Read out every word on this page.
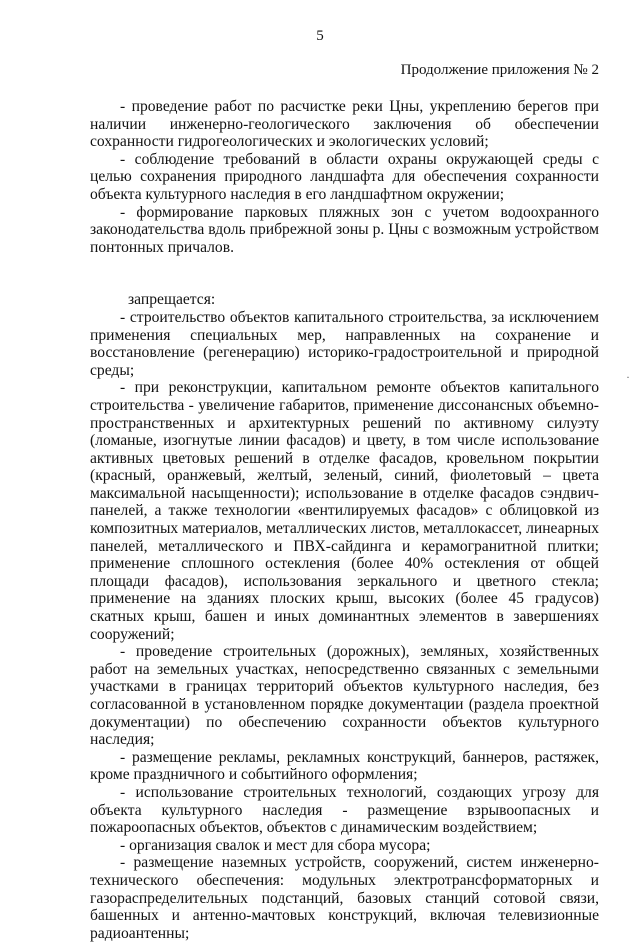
5
Продолжение приложения № 2

- проведение работ по расчистке реки Цны, укреплению берегов при наличии инженерно-геологического заключения об обеспечении сохранности гидрогеологических и экологических условий;

- соблюдение требований в области охраны окружающей среды с целью сохранения природного ландшафта для обеспечения сохранности объекта культурного наследия в его ландшафтном окружении;

- формирование парковых пляжных зон с учетом водоохранного законодательства вдоль прибрежной зоны р. Цны с возможным устройством понтонных причалов.

запрещается:

- строительство объектов капитального строительства, за исключением применения специальных мер, направленных на сохранение и восстановление (регенерацию) историко-градостроительной и природной среды;

- при реконструкции, капитальном ремонте объектов капитального строительства - увеличение габаритов, применение диссонансных объемно-пространственных и архитектурных решений по активному силуэту (ломаные, изогнутые линии фасадов) и цвету, в том числе использование активных цветовых решений в отделке фасадов, кровельном покрытии (красный, оранжевый, желтый, зеленый, синий, фиолетовый – цвета максимальной насыщенности); использование в отделке фасадов сэндвич-панелей, а также технологии «вентилируемых фасадов» с облицовкой из композитных материалов, металлических листов, металлокассет, линеарных панелей, металлического и ПВХ-сайдинга и керамогранитной плитки; применение сплошного остекления (более 40% остекления от общей площади фасадов), использования зеркального и цветного стекла; применение на зданиях плоских крыш, высоких (более 45 градусов) скатных крыш, башен и иных доминантных элементов в завершениях сооружений;

- проведение строительных (дорожных), земляных, хозяйственных работ на земельных участках, непосредственно связанных с земельными участками в границах территорий объектов культурного наследия, без согласованной в установленном порядке документации (раздела проектной документации) по обеспечению сохранности объектов культурного наследия;

- размещение рекламы, рекламных конструкций, баннеров, растяжек, кроме праздничного и событийного оформления;

- использование строительных технологий, создающих угрозу для объекта культурного наследия - размещение взрывоопасных и пожароопасных объектов, объектов с динамическим воздействием;

- организация свалок и мест для сбора мусора;

- размещение наземных устройств, сооружений, систем инженерно-технического обеспечения: модульных электротрансформаторных и газораспределительных подстанций, базовых станций сотовой связи, башенных и антенно-мачтовых конструкций, включая телевизионные радиоантенны;

·
